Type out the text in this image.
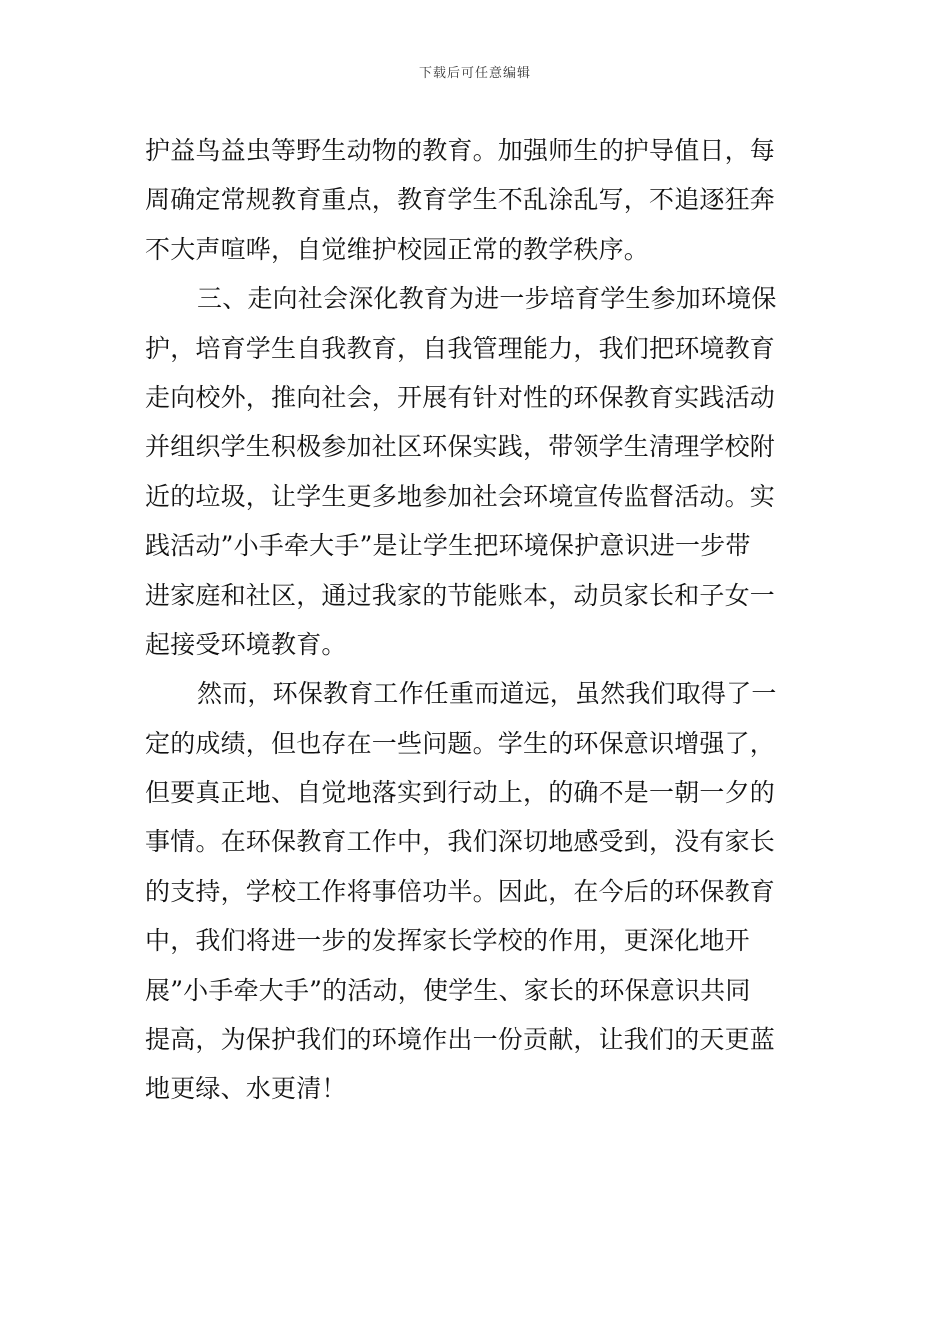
下载后可任意编辑
护益鸟益虫等野生动物的教育。加强师生的护导值日，每
周确定常规教育重点，教育学生不乱涂乱写，不追逐狂奔
不大声喧哗，自觉维护校园正常的教学秩序。
三、走向社会深化教育为进一步培育学生参加环境保
护，培育学生自我教育，自我管理能力，我们把环境教育
走向校外，推向社会，开展有针对性的环保教育实践活动
并组织学生积极参加社区环保实践，带领学生清理学校附
近的垃圾，让学生更多地参加社会环境宣传监督活动。实
践活动”小手牵大手”是让学生把环境保护意识进一步带
进家庭和社区，通过我家的节能账本，动员家长和子女一
起接受环境教育。
然而，环保教育工作任重而道远，虽然我们取得了一
定的成绩，但也存在一些问题。学生的环保意识增强了，
但要真正地、自觉地落实到行动上，的确不是一朝一夕的
事情。在环保教育工作中，我们深切地感受到，没有家长
的支持，学校工作将事倍功半。因此，在今后的环保教育
中，我们将进一步的发挥家长学校的作用，更深化地开
展”小手牵大手”的活动，使学生、家长的环保意识共同
提高，为保护我们的环境作出一份贡献，让我们的天更蓝
地更绿、水更清！
